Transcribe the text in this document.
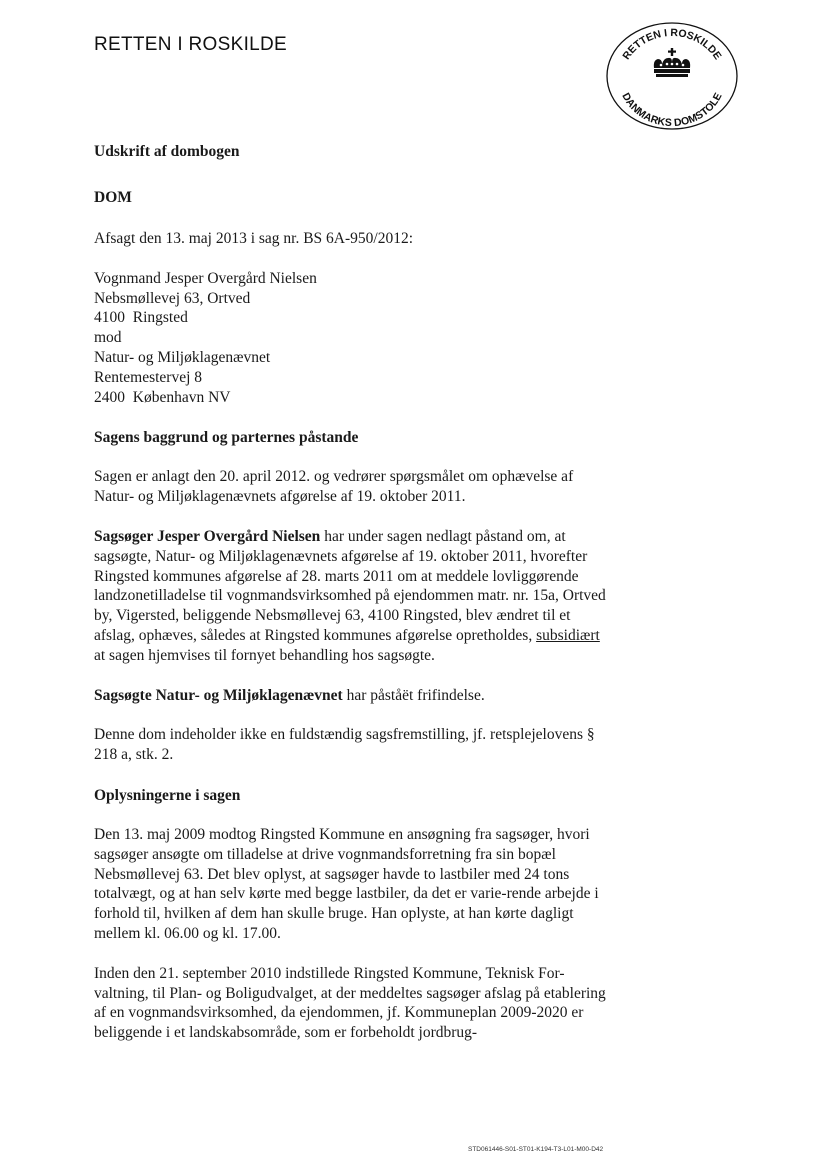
RETTEN I ROSKILDE
RETTEN I ROSKILDE
DANMARKS DOMSTOLE

Udskrift af dombogen

DOM

Afsagt den 13. maj 2013 i sag nr. BS 6A-950/2012:

Vognmand Jesper Overgård Nielsen
Nebsmøllevej 63, Ortved
4100  Ringsted
mod
Natur- og Miljøklagenævnet
Rentemestervej 8
2400  København NV

Sagens baggrund og parternes påstande

Sagen er anlagt den 20. april 2012. og vedrører spørgsmålet om ophævelse af Natur- og Miljøklagenævnets afgørelse af 19. oktober 2011.

Sagsøger Jesper Overgård Nielsen har under sagen nedlagt påstand om, at sagsøgte, Natur- og Miljøklagenævnets afgørelse af 19. oktober 2011, hvorefter Ringsted kommunes afgørelse af 28. marts 2011 om at meddele lovliggørende landzonetilladelse til vognmandsvirksomhed på ejendommen matr. nr. 15a, Ortved by, Vigersted, beliggende Nebsmøllevej 63, 4100 Ringsted, blev ændret til et afslag, ophæves, således at Ringsted kommunes afgørelse opretholdes, subsidiært at sagen hjemvises til fornyet behandling hos sagsøgte.

Sagsøgte Natur- og Miljøklagenævnet har påståët frifindelse.

Denne dom indeholder ikke en fuldstændig sagsfremstilling, jf. retsplejelovens § 218 a, stk. 2.

Oplysningerne i sagen

Den 13. maj 2009 modtog Ringsted Kommune en ansøgning fra sagsøger, hvori sagsøger ansøgte om tilladelse at drive vognmandsforretning fra sin bopæl Nebsmøllevej 63. Det blev oplyst, at sagsøger havde to lastbiler med 24 tons totalvægt, og at han selv kørte med begge lastbiler, da det er varie-rende arbejde i forhold til, hvilken af dem han skulle bruge. Han oplyste, at han kørte dagligt mellem kl. 06.00 og kl. 17.00.

Inden den 21. september 2010 indstillede Ringsted Kommune, Teknisk For-valtning, til Plan- og Boligudvalget, at der meddeltes sagsøger afslag på etablering af en vognmandsvirksomhed, da ejendommen, jf. Kommuneplan 2009-2020 er beliggende i et landskabsområde, som er forbeholdt jordbrug-

STD061446-S01-ST01-K194-T3-L01-M00-D42
